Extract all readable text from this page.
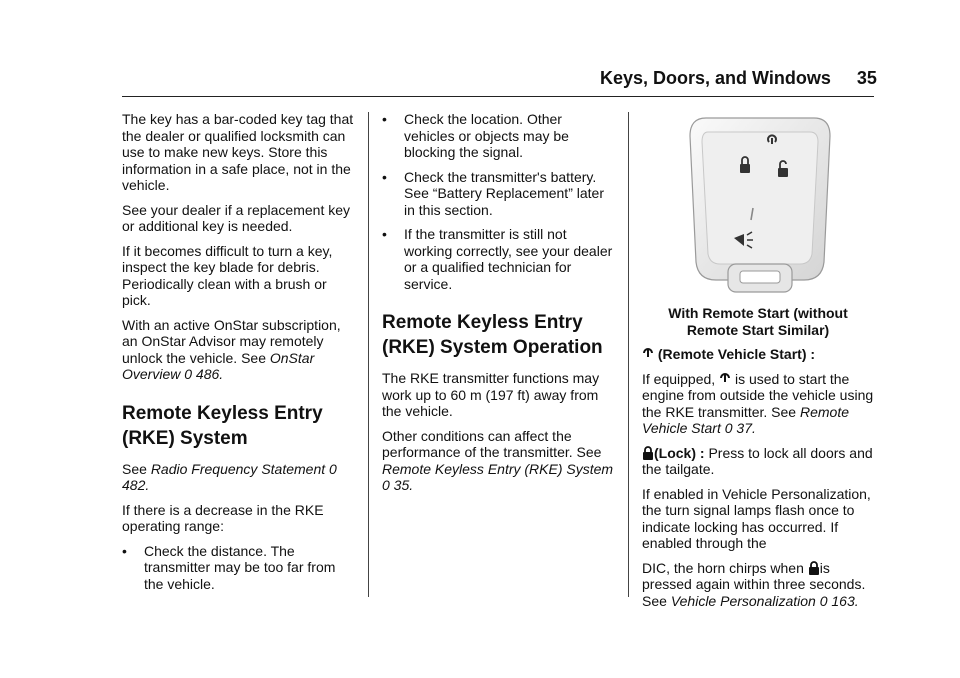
Keys, Doors, and Windows 35

The key has a bar-coded key tag that the dealer or qualified locksmith can use to make new keys. Store this information in a safe place, not in the vehicle.

See your dealer if a replacement key or additional key is needed.

If it becomes difficult to turn a key, inspect the key blade for debris. Periodically clean with a brush or pick.

With an active OnStar subscription, an OnStar Advisor may remotely unlock the vehicle. See OnStar Overview 0 486.

Remote Keyless Entry
(RKE) System

See Radio Frequency Statement 0 482.

If there is a decrease in the RKE operating range:

• Check the distance. The transmitter may be too far from the vehicle.
• Check the location. Other vehicles or objects may be blocking the signal.
• Check the transmitter's battery. See “Battery Replacement” later in this section.
• If the transmitter is still not working correctly, see your dealer or a qualified technician for service.
Remote Keyless Entry
(RKE) System Operation

The RKE transmitter functions may work up to 60 m (197 ft) away from the vehicle.

Other conditions can affect the performance of the transmitter. See Remote Keyless Entry (RKE) System 0 35.

With Remote Start (without Remote Start Similar)

(Remote Vehicle Start) :

If equipped,  is used to start the engine from outside the vehicle using the RKE transmitter. See Remote Vehicle Start 0 37.

(Lock) : Press to lock all doors and the tailgate.

If enabled in Vehicle Personalization, the turn signal lamps flash once to indicate locking has occurred. If enabled through the

DIC, the horn chirps when is pressed again within three seconds. See Vehicle Personalization 0 163.
